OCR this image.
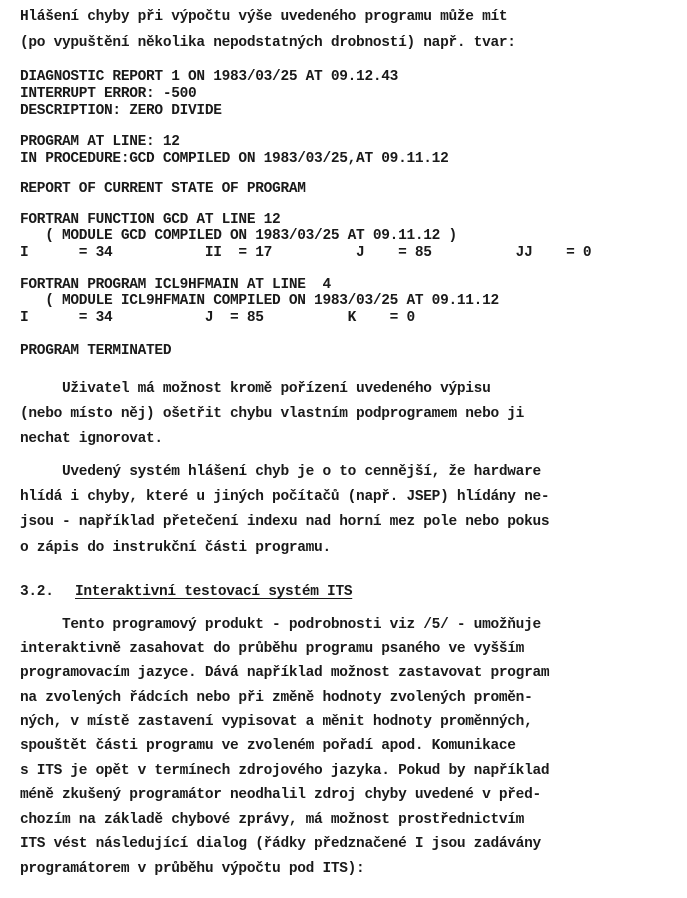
Hlášení chyby při výpočtu výše uvedeného programu může mít
(po vypuštění několika nepodstatných drobností) např. tvar:
DIAGNOSTIC REPORT 1 ON 1983/03/25 AT 09.12.43
INTERRUPT ERROR: -500
DESCRIPTION: ZERO DIVIDE
PROGRAM AT LINE: 12
IN PROCEDURE:GCD COMPILED ON 1983/03/25,AT 09.11.12
REPORT OF CURRENT STATE OF PROGRAM
FORTRAN FUNCTION GCD AT LINE 12
( MODULE GCD COMPILED ON 1983/03/25 AT 09.11.12 )
I      = 34           II  = 17          J    = 85          JJ    = 0
FORTRAN PROGRAM ICL9HFMAIN AT LINE  4
( MODULE ICL9HFMAIN COMPILED ON 1983/03/25 AT 09.11.12
I      = 34           J  = 85          K    = 0
PROGRAM TERMINATED
Uživatel má možnost kromě pořízení uvedeného výpisu
(nebo místo něj) ošetřit chybu vlastním podprogramem nebo ji
nechat ignorovat.
Uvedený systém hlášení chyb je o to cennější, že hardware
hlídá i chyby, které u jiných počítačů (např. JSEP) hlídány ne-
jsou - například přetečení indexu nad horní mez pole nebo pokus
o zápis do instrukční části programu.
3.2. Interaktivní testovací systém ITS
Tento programový produkt - podrobnosti viz /5/ - umožňuje
interaktivně zasahovat do průběhu programu psaného ve vyšším
programovacím jazyce. Dává například možnost zastavovat program
na zvolených řádcích nebo při změně hodnoty zvolených proměn-
ných, v místě zastavení vypisovat a měnit hodnoty proměnných,
spouštět části programu ve zvoleném pořadí apod. Komunikace
s ITS je opět v termínech zdrojového jazyka. Pokud by například
méně zkušený programátor neodhalil zdroj chyby uvedené v před-
chozím na základě chybové zprávy, má možnost prostřednictvím
ITS vést následující dialog (řádky předznačené I jsou zadávány
programátorem v průběhu výpočtu pod ITS):
